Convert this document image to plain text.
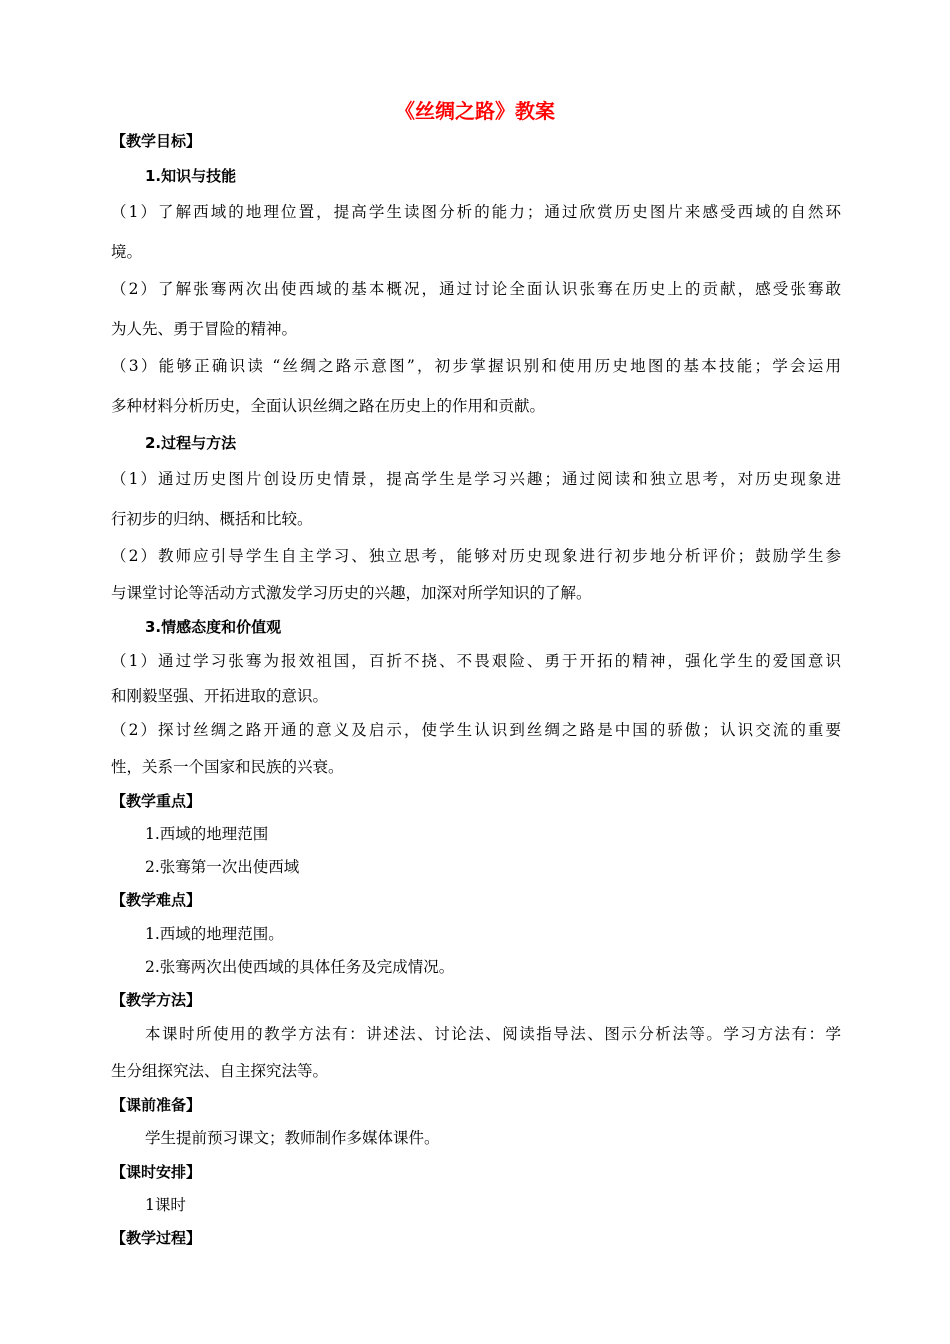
《丝绸之路》教案
【教学目标】
1.知识与技能
（1）了解西域的地理位置，提高学生读图分析的能力；通过欣赏历史图片来感受西域的自然环
境。
（2）了解张骞两次出使西域的基本概况，通过讨论全面认识张骞在历史上的贡献，感受张骞敢
为人先、勇于冒险的精神。
（3）能够正确识读 “丝绸之路示意图”，初步掌握识别和使用历史地图的基本技能；学会运用
多种材料分析历史，全面认识丝绸之路在历史上的作用和贡献。
2.过程与方法
（1）通过历史图片创设历史情景，提高学生是学习兴趣；通过阅读和独立思考，对历史现象进
行初步的归纳、概括和比较。
（2）教师应引导学生自主学习、独立思考，能够对历史现象进行初步地分析评价；鼓励学生参
与课堂讨论等活动方式激发学习历史的兴趣，加深对所学知识的了解。
3.情感态度和价值观
（1）通过学习张骞为报效祖国，百折不挠、不畏艰险、勇于开拓的精神，强化学生的爱国意识
和刚毅坚强、开拓进取的意识。
（2）探讨丝绸之路开通的意义及启示，使学生认识到丝绸之路是中国的骄傲；认识交流的重要
性，关系一个国家和民族的兴衰。
【教学重点】
1.西域的地理范围
2.张骞第一次出使西域
【教学难点】
1.西域的地理范围。
2.张骞两次出使西域的具体任务及完成情况。
【教学方法】
本课时所使用的教学方法有：讲述法、讨论法、阅读指导法、图示分析法等。学习方法有：学
生分组探究法、自主探究法等。
【课前准备】
学生提前预习课文；教师制作多媒体课件。
【课时安排】
1课时
【教学过程】
